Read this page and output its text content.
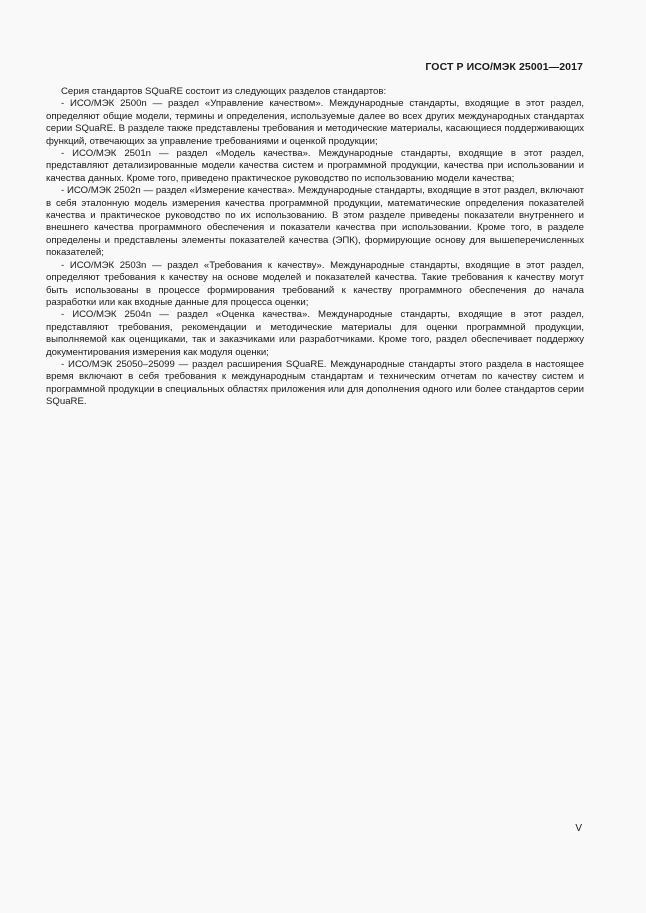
ГОСТ Р ИСО/МЭК 25001—2017

Серия стандартов SQuaRE состоит из следующих разделов стандартов:

- ИСО/МЭК 2500n — раздел «Управление качеством». Международные стандарты, входящие в этот раздел, определяют общие модели, термины и определения, используемые далее во всех других международных стандартах серии SQuaRE. В разделе также представлены требования и методические материалы, касающиеся поддерживающих функций, отвечающих за управление требованиями и оценкой продукции;

- ИСО/МЭК 2501n — раздел «Модель качества». Международные стандарты, входящие в этот раздел, представляют детализированные модели качества систем и программной продукции, качества при использовании и качества данных. Кроме того, приведено практическое руководство по использованию модели качества;

- ИСО/МЭК 2502n — раздел «Измерение качества». Международные стандарты, входящие в этот раздел, включают в себя эталонную модель измерения качества программной продукции, математические определения показателей качества и практическое руководство по их использованию. В этом разделе приведены показатели внутреннего и внешнего качества программного обеспечения и показатели качества при использовании. Кроме того, в разделе определены и представлены элементы показателей качества (ЭПК), формирующие основу для вышеперечисленных показателей;

- ИСО/МЭК 2503n — раздел «Требования к качеству». Международные стандарты, входящие в этот раздел, определяют требования к качеству на основе моделей и показателей качества. Такие требования к качеству могут быть использованы в процессе формирования требований к качеству программного обеспечения до начала разработки или как входные данные для процесса оценки;

- ИСО/МЭК 2504n — раздел «Оценка качества». Международные стандарты, входящие в этот раздел, представляют требования, рекомендации и методические материалы для оценки программной продукции, выполняемой как оценщиками, так и заказчиками или разработчиками. Кроме того, раздел обеспечивает поддержку документирования измерения как модуля оценки;

- ИСО/МЭК 25050–25099 — раздел расширения SQuaRE. Международные стандарты этого раздела в настоящее время включают в себя требования к международным стандартам и техническим отчетам по качеству систем и программной продукции в специальных областях приложения или для дополнения одного или более стандартов серии SQuaRE.

V
